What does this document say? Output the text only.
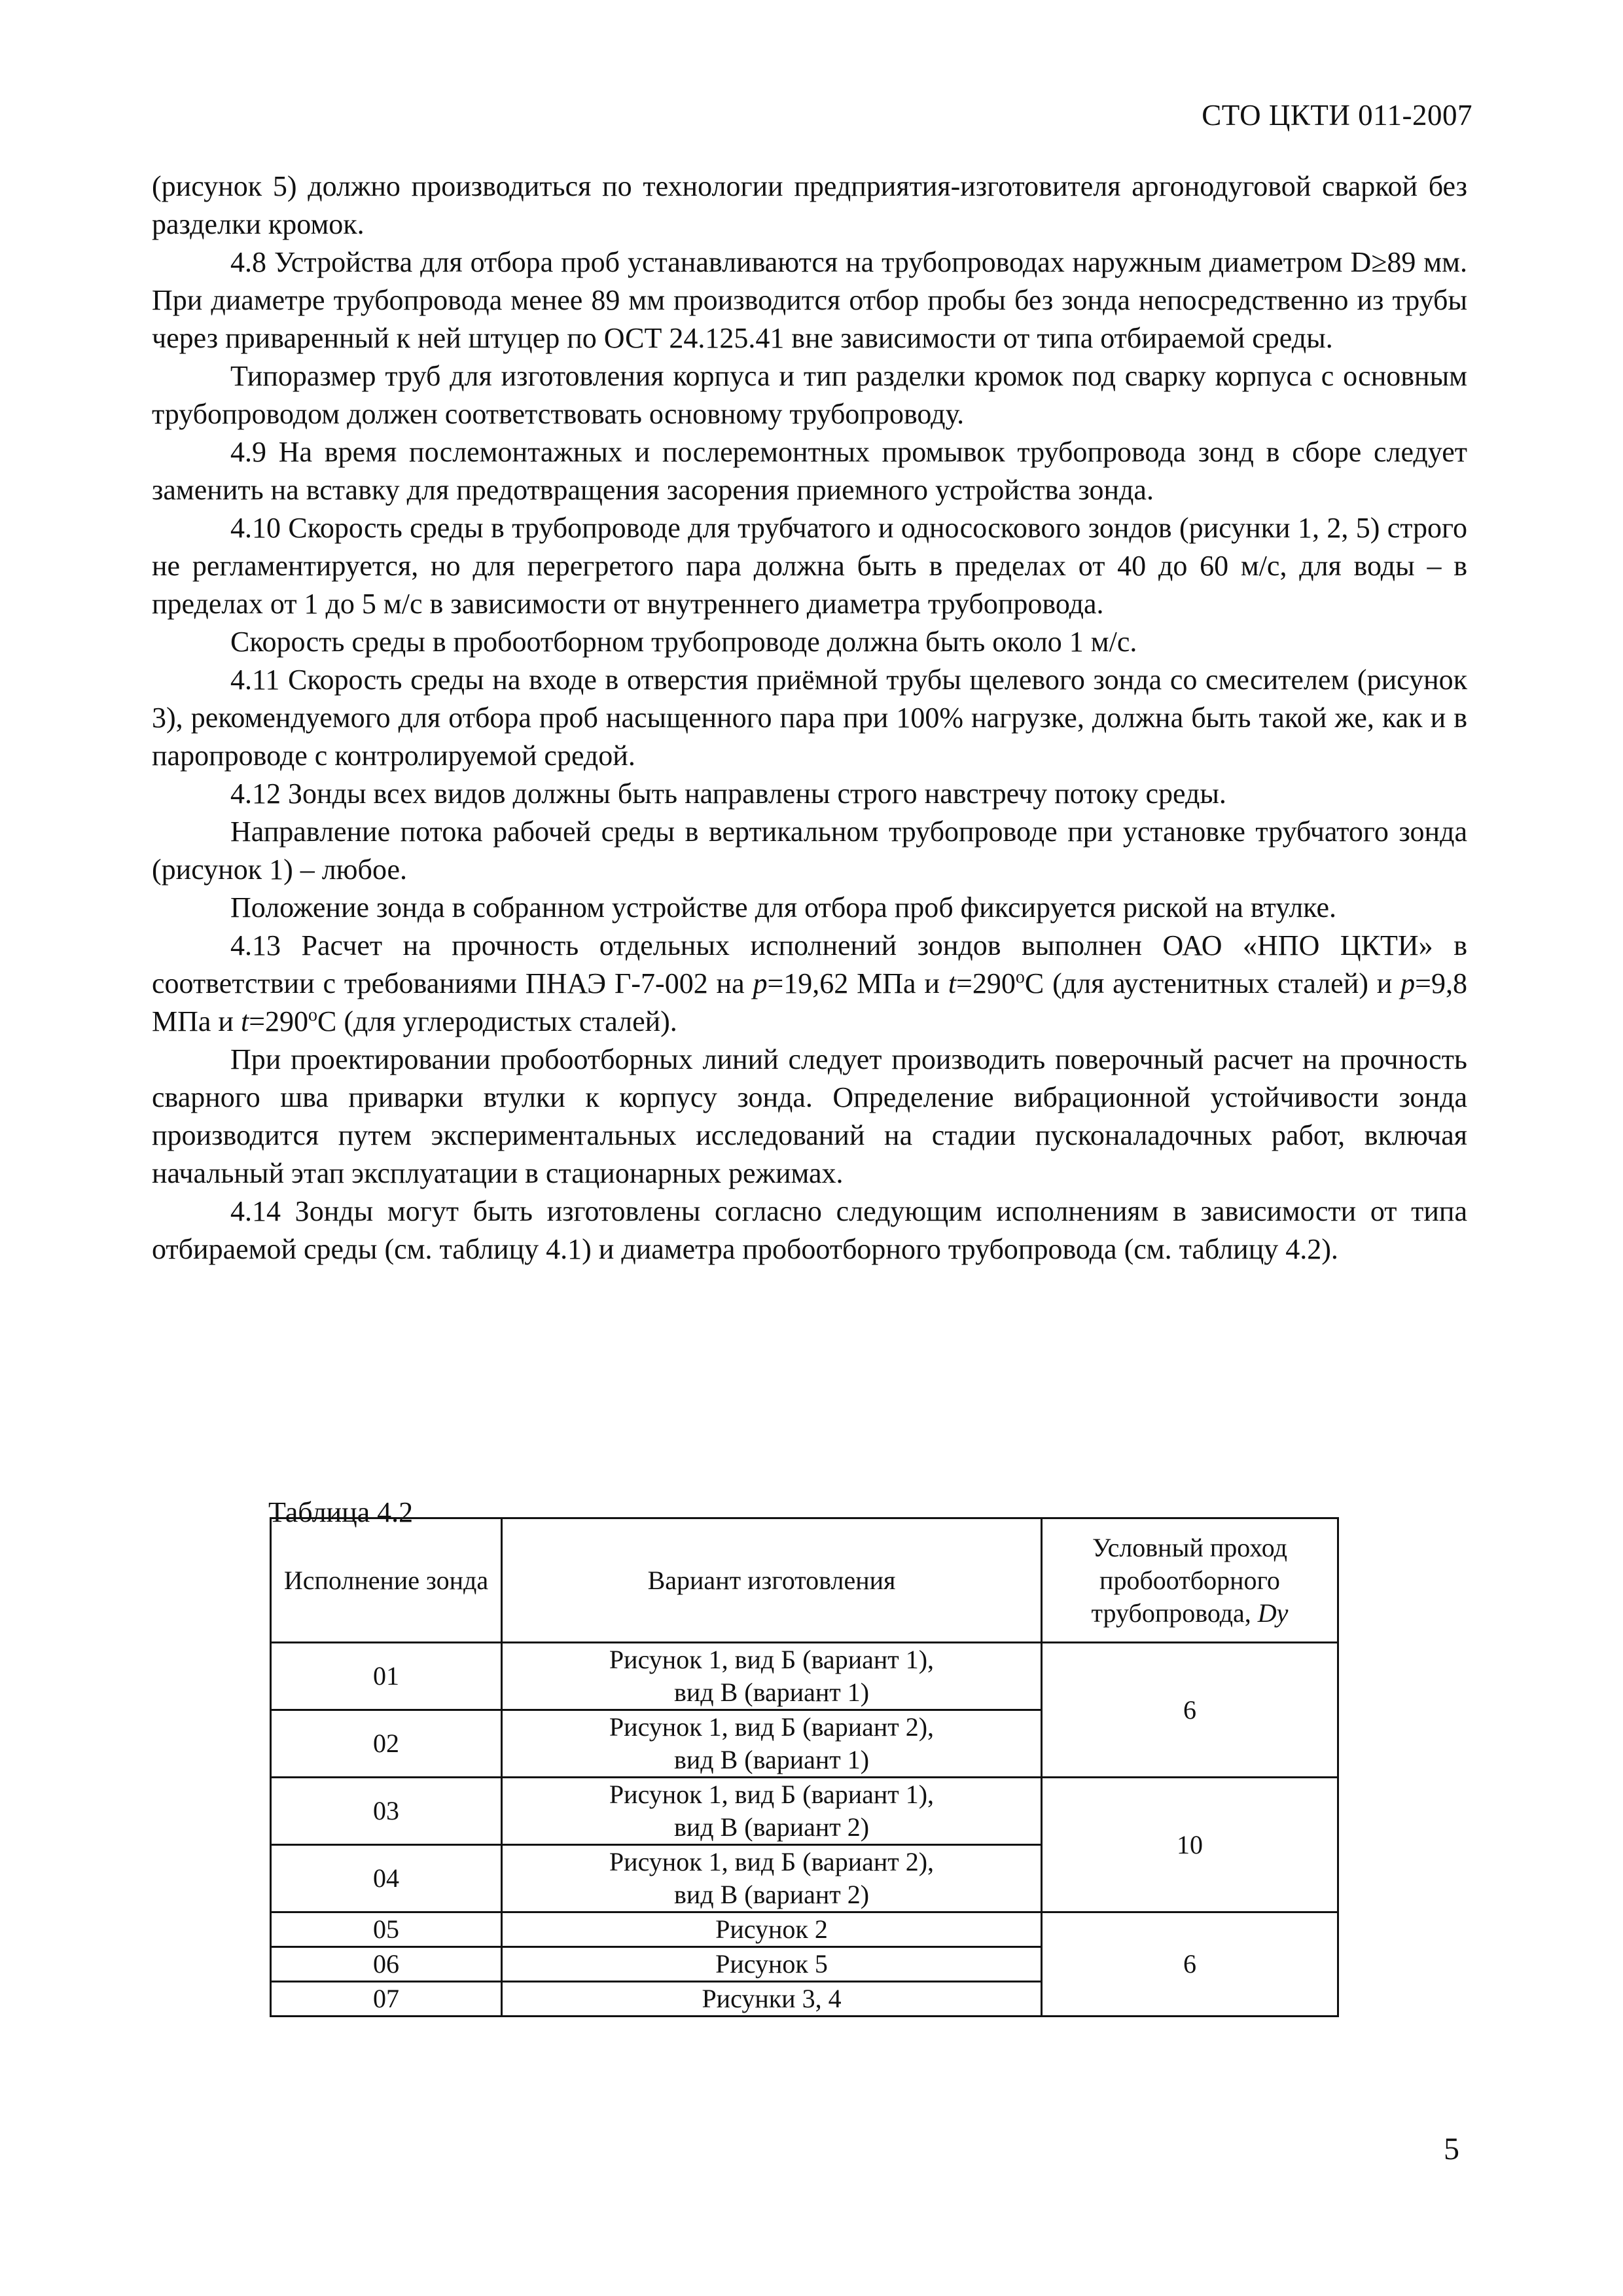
СТО ЦКТИ 011-2007

(рисунок 5) должно производиться по технологии предприятия-изготовителя аргонодуговой сваркой без разделки кромок.

4.8 Устройства для отбора проб устанавливаются на трубопроводах наружным диаметром D≥89 мм. При диаметре трубопровода менее 89 мм производится отбор пробы без зонда непосредственно из трубы через приваренный к ней штуцер по ОСТ 24.125.41 вне зависимости от типа отбираемой среды.

Типоразмер труб для изготовления корпуса и тип разделки кромок под сварку корпуса с основным трубопроводом должен соответствовать основному трубопроводу.

4.9 На время послемонтажных и послеремонтных промывок трубопровода зонд в сборе следует заменить на вставку для предотвращения засорения приемного устройства зонда.

4.10 Скорость среды в трубопроводе для трубчатого и однососкового зондов (рисунки 1, 2, 5) строго не регламентируется, но для перегретого пара должна быть в пределах от 40 до 60 м/с, для воды – в пределах от 1 до 5 м/с в зависимости от внутреннего диаметра трубопровода.

Скорость среды в пробоотборном трубопроводе должна быть около 1 м/с.

4.11 Скорость среды на входе в отверстия приёмной трубы щелевого зонда со смесителем (рисунок 3), рекомендуемого для отбора проб насыщенного пара при 100% нагрузке, должна быть такой же, как и в паропроводе с контролируемой средой.

4.12 Зонды всех видов должны быть направлены строго навстречу потоку среды.

Направление потока рабочей среды в вертикальном трубопроводе при установке трубчатого зонда (рисунок 1) – любое.

Положение зонда в собранном устройстве для отбора проб фиксируется риской на втулке.

4.13 Расчет на прочность отдельных исполнений зондов выполнен ОАО «НПО ЦКТИ» в соответствии с требованиями ПНАЭ Г-7-002 на p=19,62 МПа и $t=290^oС$ (для аустенитных сталей) и p=9,8 МПа и $t=290^oС$ (для углеродистых сталей).

При проектировании пробоотборных линий следует производить поверочный расчет на прочность сварного шва приварки втулки к корпусу зонда. Определение вибрационной устойчивости зонда производится путем экспериментальных исследований на стадии пусконаладочных работ, включая начальный этап эксплуатации в стационарных режимах.

4.14 Зонды могут быть изготовлены согласно следующим исполнениям в зависимости от типа отбираемой среды (см. таблицу 4.1) и диаметра пробоотборного трубопровода (см. таблицу 4.2).

Таблица 4.2
Исполнение зонда	Вариант изготовления	Условный проход пробоотборного трубопровода, Dy
01	Рисунок 1, вид Б (вариант 1),
вид В (вариант 1)	6
02	Рисунок 1, вид Б (вариант 2),
вид В (вариант 1)	
03	Рисунок 1, вид Б (вариант 1),
вид В (вариант 2)	10
04	Рисунок 1, вид Б (вариант 2),
вид В (вариант 2)	
05	Рисунок 2	6
06	Рисунок 5	
07	Рисунки 3, 4	
5
